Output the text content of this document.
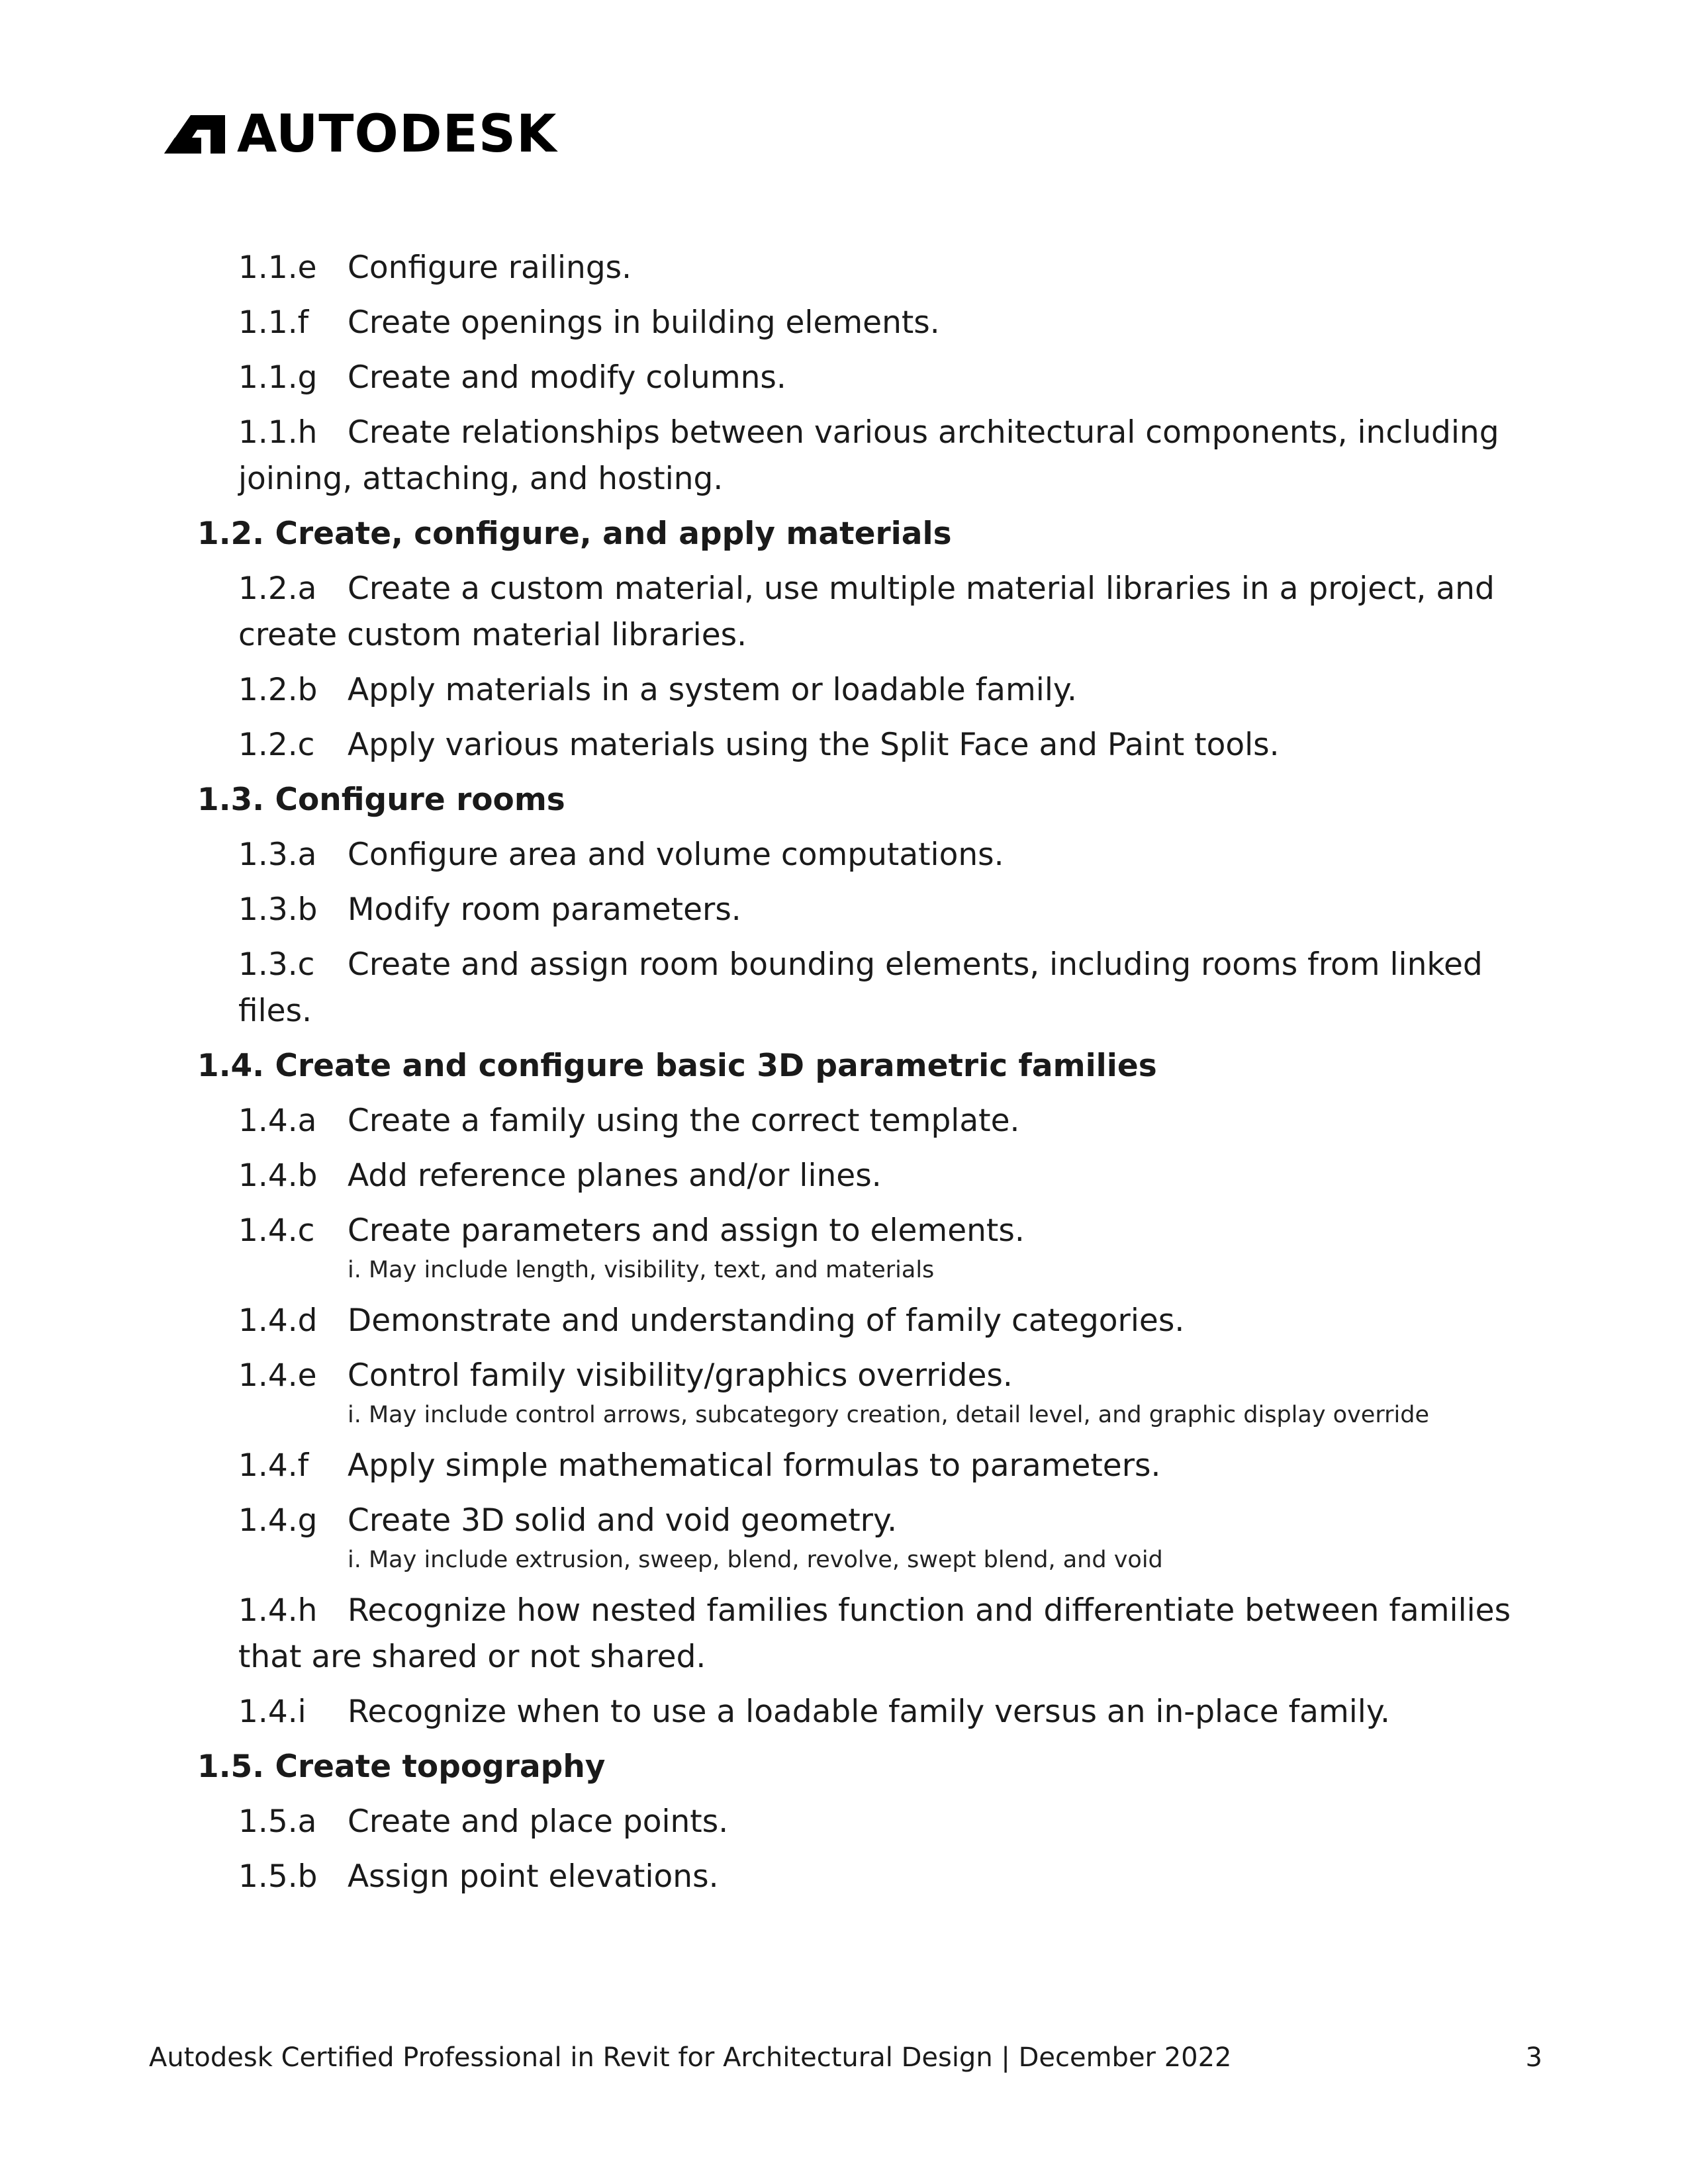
AUTODESK
1.1.e Configure railings.
1.1.f	Create openings in building elements.
1.1.g Create and modify columns.
1.1.h Create relationships between various architectural components, including joining, attaching, and hosting.
1.2. Create, configure, and apply materials
1.2.a Create a custom material, use multiple material libraries in a project, and create custom material libraries.
1.2.b Apply materials in a system or loadable family.
1.2.c	Apply various materials using the Split Face and Paint tools.
1.3. Configure rooms
1.3.a Configure area and volume computations.
1.3.b Modify room parameters.
1.3.c	Create and assign room bounding elements, including rooms from linked files.
1.4. Create and configure basic 3D parametric families
1.4.a Create a family using the correct template.
1.4.b Add reference planes and/or lines.
1.4.c	Create parameters and assign to elements.
i. May include length, visibility, text, and materials
1.4.d Demonstrate and understanding of family categories.
1.4.e Control family visibility/graphics overrides.
i. May include control arrows, subcategory creation, detail level, and graphic display override
1.4.f	Apply simple mathematical formulas to parameters.
1.4.g Create 3D solid and void geometry.
i. May include extrusion, sweep, blend, revolve, swept blend, and void
1.4.h Recognize how nested families function and differentiate between families that are shared or not shared.
1.4.i	Recognize when to use a loadable family versus an in-place family.
1.5. Create topography
1.5.a Create and place points.
1.5.b Assign point elevations.
Autodesk Certified Professional in Revit for Architectural Design | December 2022	3
